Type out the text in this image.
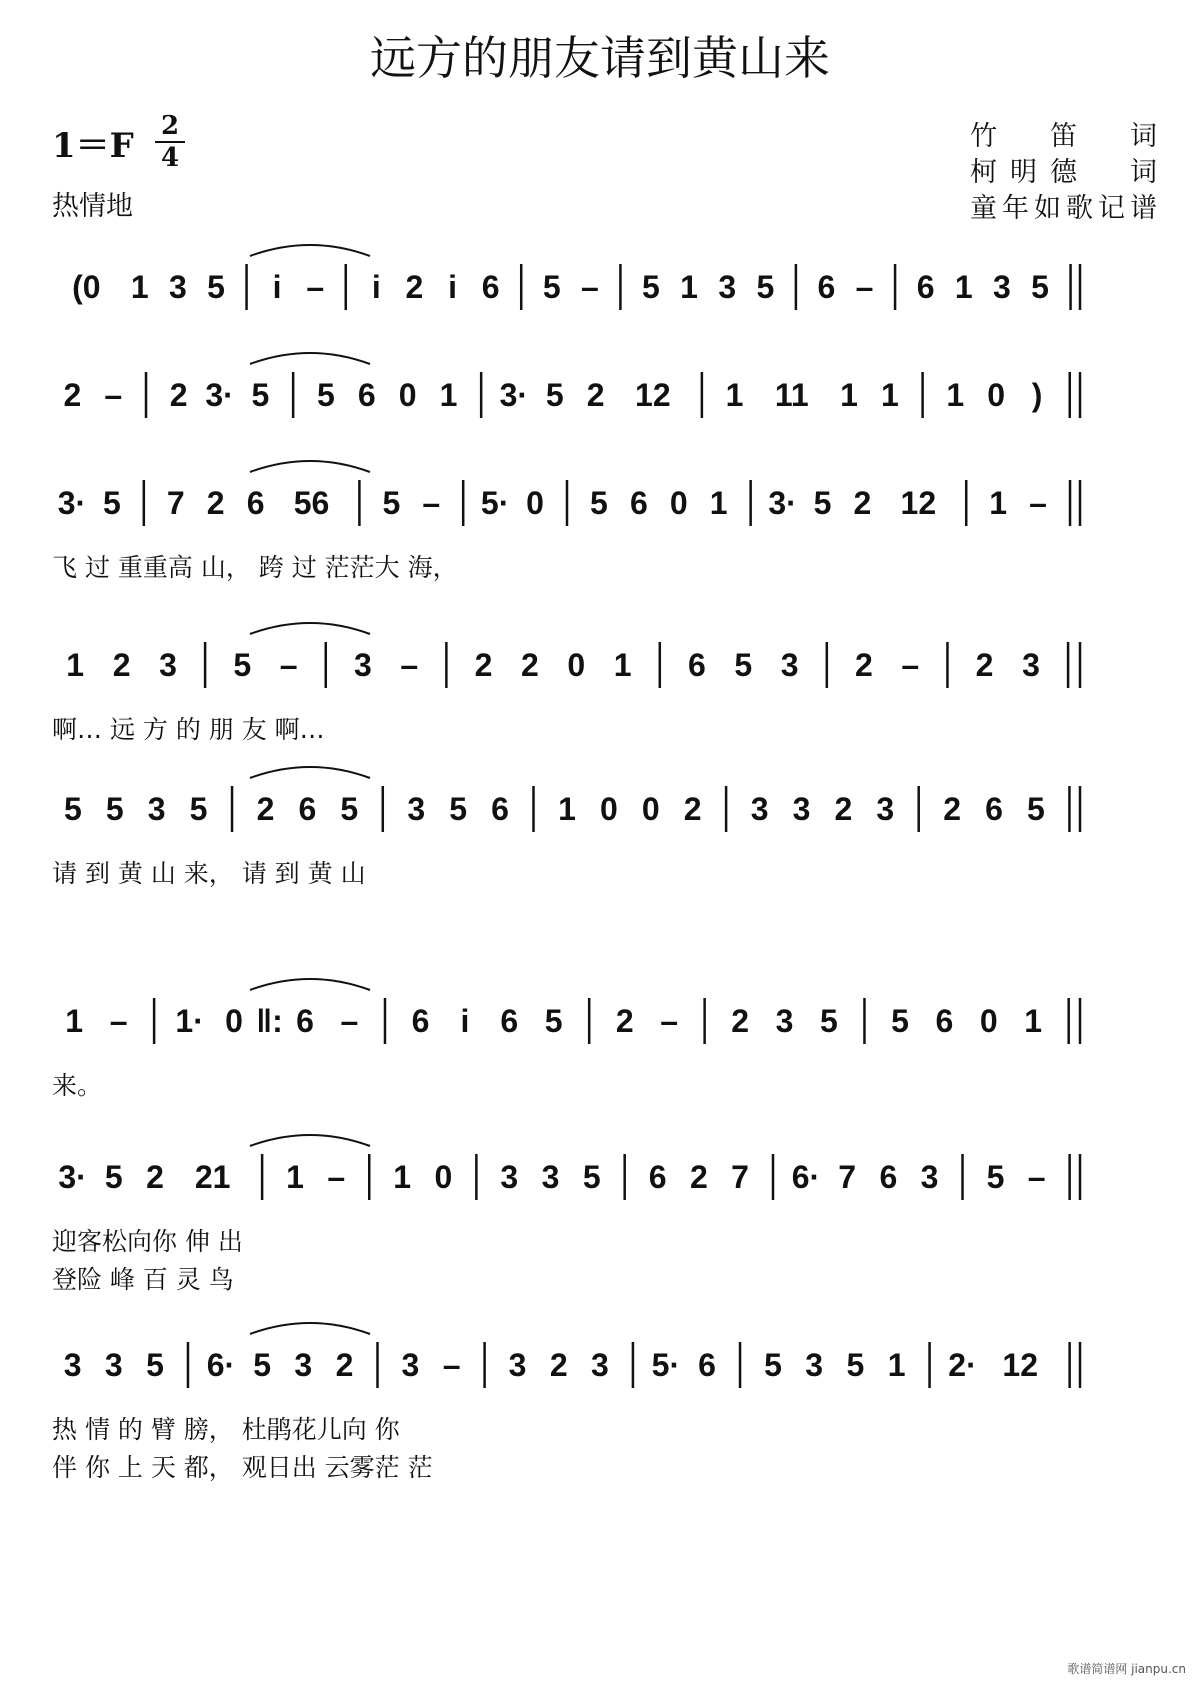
远方的朋友请到黄山来
1＝F 2
4
热情地
竹　笛　词
柯明德　词
童年如歌记谱
(0 1 3 5 i – i 2 i 6 5 – 5 1 3 5 6 – 6 1 3 5
2 – 2 3· 5 5 6 0 1 3· 5 2 12 1 11 1 1 1 0 )
3· 5 7 2 6 56 5 – 5· 0 5 6 0 1 3· 5 2 12 1 –
飞 过 重重高 山， 跨 过 茫茫大 海，
1 2 3 5 – 3 – 2 2 0 1 6 5 3 2 – 2 3
啊… 远 方 的 朋 友 啊…
5 5 3 5 2 6 5 3 5 6 1 0 0 2 3 3 2 3 2 6 5
请 到 黄 山 来， 请 到 黄 山
1 – 1· 0 ‖: 6 – 6 i 6 5 2 – 2 3 5 5 6 0 1
来。
3· 5 2 21 1 – 1 0 3 3 5 6 2 7 6· 7 6 3 5 –
迎客松向你 伸 出
登险 峰 百 灵 鸟
3 3 5 6· 5 3 2 3 – 3 2 3 5· 6 5 3 5 1 2· 12
热 情 的 臂 膀， 杜鹃花儿向 你
伴 你 上 天 都， 观日出 云雾茫 茫
歌谱简谱网 jianpu.cn
